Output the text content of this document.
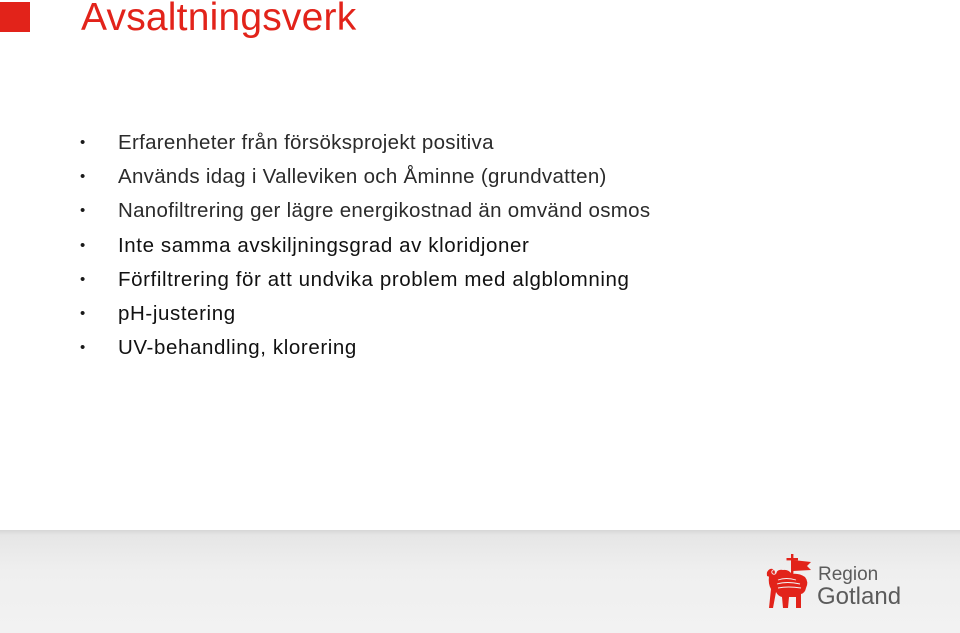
Avsaltningsverk
•	Erfarenheter från försöksprojekt positiva
•	Används idag i Valleviken och Åminne (grundvatten)
•	Nanofiltrering ger lägre energikostnad än omvänd osmos
•	Inte samma avskiljningsgrad av kloridjoner
•	Förfiltrering för att undvika problem med algblomning
•	pH-justering
•	UV-behandling, klorering
Region
Gotland
